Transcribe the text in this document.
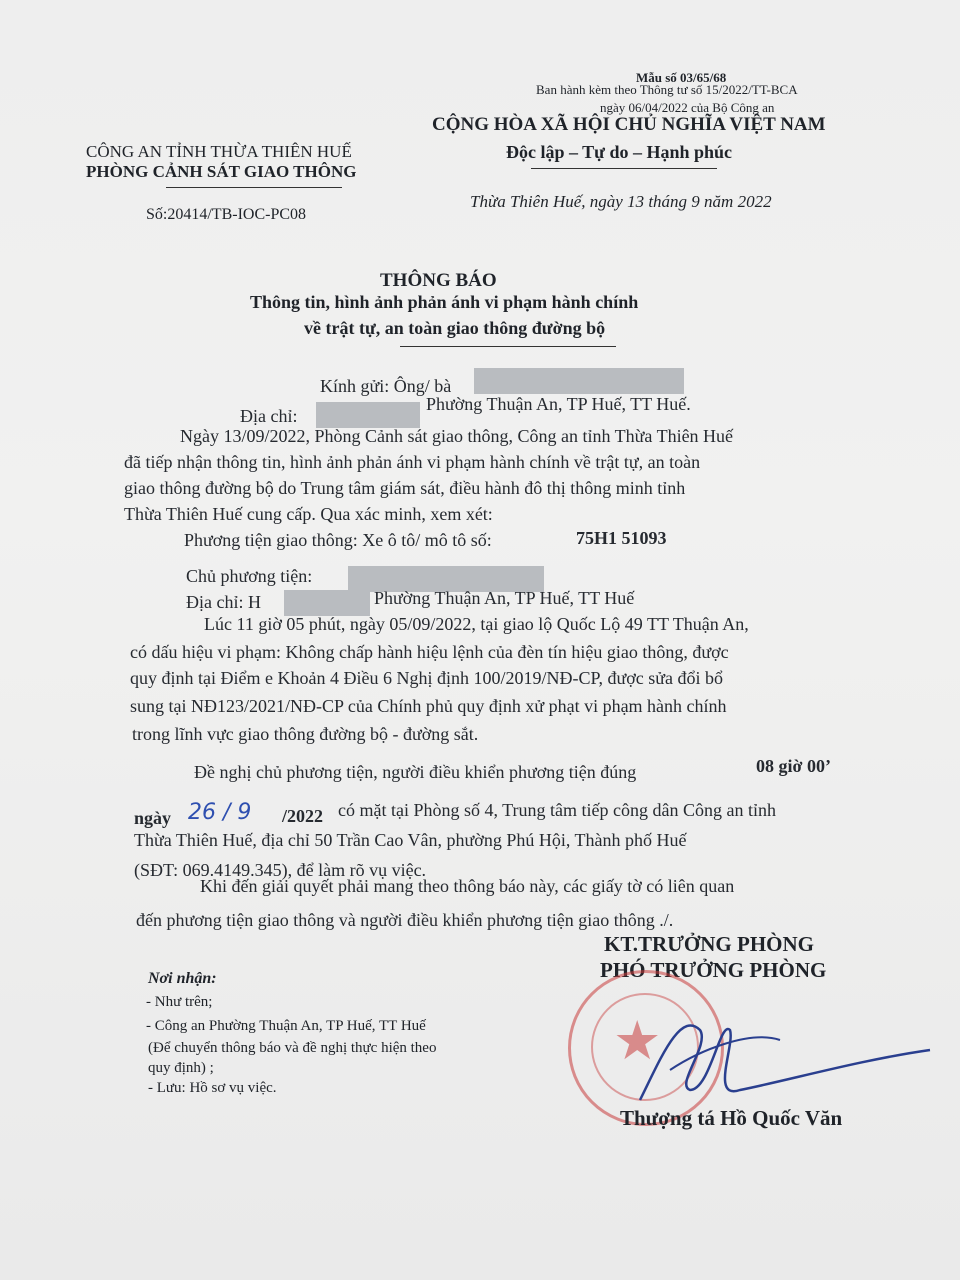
Mẫu số 03/65/68
Ban hành kèm theo Thông tư số 15/2022/TT-BCA
ngày 06/04/2022 của Bộ Công an
CÔNG AN TỈNH THỪA THIÊN HUẾ
PHÒNG CẢNH SÁT GIAO THÔNG
Số:20414/TB-IOC-PC08
CỘNG HÒA XÃ HỘI CHỦ NGHĨA VIỆT NAM
Độc lập – Tự do – Hạnh phúc
Thừa Thiên Huế, ngày 13 tháng 9 năm 2022
THÔNG BÁO
Thông tin, hình ảnh phản ánh vi phạm hành chính
về trật tự, an toàn giao thông đường bộ
Kính gửi: Ông/ bà
Địa chỉ:
Phường Thuận An, TP Huế, TT Huế.
Ngày 13/09/2022, Phòng Cảnh sát giao thông, Công an tỉnh Thừa Thiên Huế
đã tiếp nhận thông tin, hình ảnh phản ánh vi phạm hành chính về trật tự, an toàn
giao thông đường bộ do Trung tâm giám sát, điều hành đô thị thông minh tỉnh
Thừa Thiên Huế cung cấp. Qua xác minh, xem xét:
Phương tiện giao thông: Xe ô tô/ mô tô số:	75H1 51093
Chủ phương tiện:
Địa chỉ: H	Phường Thuận An, TP Huế, TT Huế
Lúc 11 giờ 05 phút, ngày 05/09/2022, tại giao lộ Quốc Lộ 49 TT Thuận An,
có dấu hiệu vi phạm: Không chấp hành hiệu lệnh của đèn tín hiệu giao thông, được
quy định tại Điểm e Khoản 4 Điều 6 Nghị định 100/2019/NĐ-CP, được sửa đổi bổ
sung tại NĐ123/2021/NĐ-CP của Chính phủ quy định xử phạt vi phạm hành chính
trong lĩnh vực giao thông đường bộ - đường sắt.
Đề nghị chủ phương tiện, người điều khiển phương tiện đúng	08 giờ 00’
ngày 26 / 9 /2022 có mặt tại Phòng số 4, Trung tâm tiếp công dân Công an tỉnh
Thừa Thiên Huế, địa chỉ 50 Trần Cao Vân, phường Phú Hội, Thành phố Huế
(SĐT: 069.4149.345), để làm rõ vụ việc.
Khi đến giải quyết phải mang theo thông báo này, các giấy tờ có liên quan
đến phương tiện giao thông và người điều khiển phương tiện giao thông ./.
KT.TRƯỞNG PHÒNG
PHÓ TRƯỞNG PHÒNG
★
Thượng tá Hồ Quốc Văn
Nơi nhận:
- Như trên;
- Công an Phường Thuận An, TP Huế, TT Huế
(Để chuyển thông báo và đề nghị thực hiện theo
quy định) ;
- Lưu: Hồ sơ vụ việc.
